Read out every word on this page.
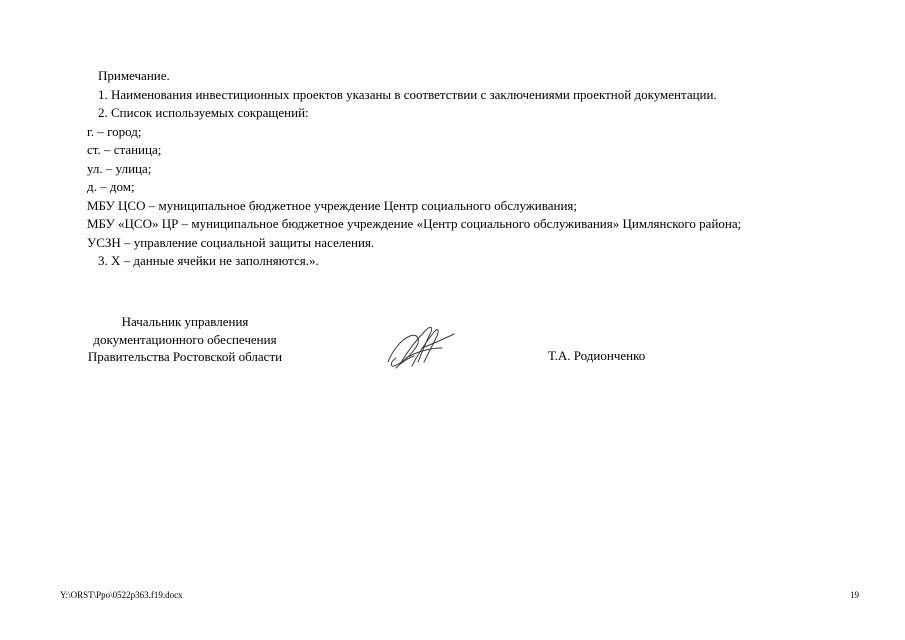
Примечание.
1. Наименования инвестиционных проектов указаны в соответствии с заключениями проектной документации.
2. Список используемых сокращений:
г. – город;
ст. – станица;
ул. – улица;
д. – дом;
МБУ ЦСО – муниципальное бюджетное учреждение Центр социального обслуживания;
МБУ «ЦСО» ЦР – муниципальное бюджетное учреждение «Центр социального обслуживания» Цимлянского района;
УСЗН – управление социальной защиты населения.
3. Х – данные ячейки не заполняются.».
Начальник управления
документационного обеспечения
Правительства Ростовской области	Т.А. Родионченко
Y:\ORST\Ppo\0522p363.f19.docx	19
